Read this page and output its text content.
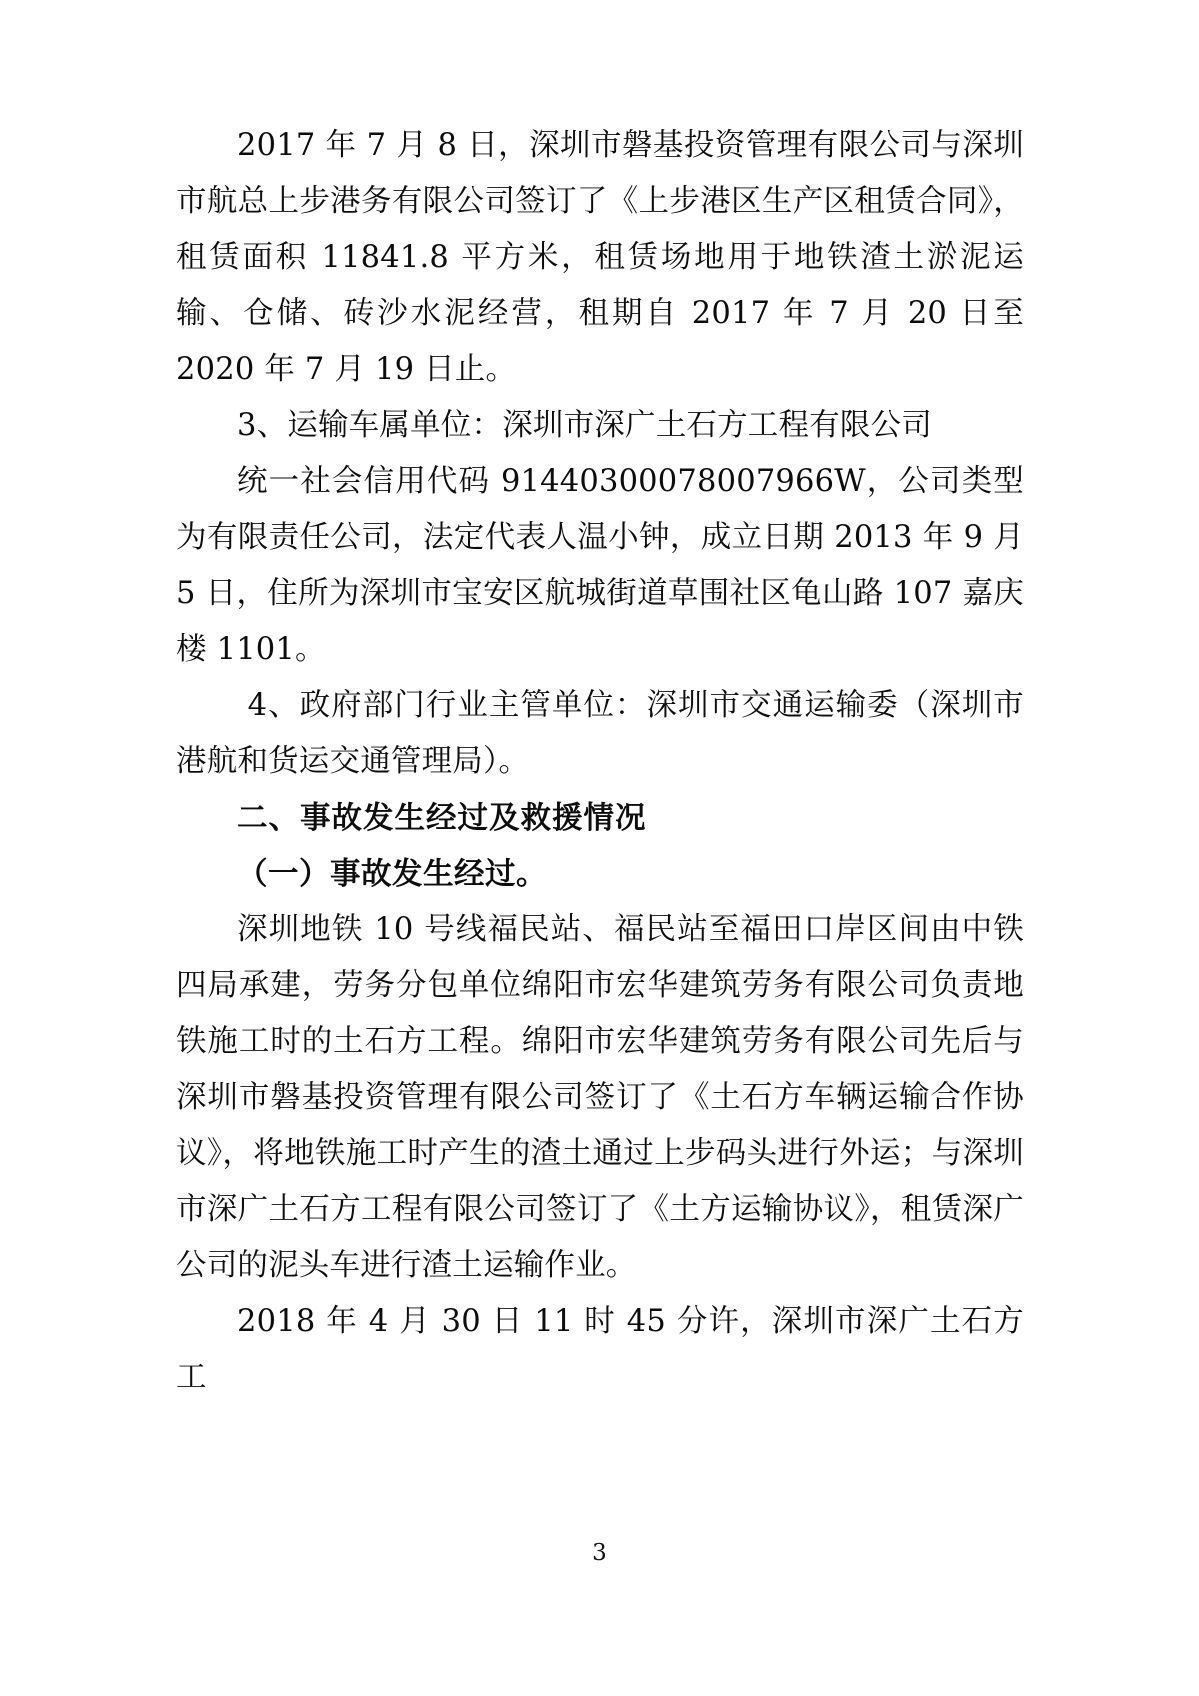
2017 年 7 月 8 日，深圳市磐基投资管理有限公司与深圳市航总上步港务有限公司签订了《上步港区生产区租赁合同》，租赁面积 11841.8 平方米，租赁场地用于地铁渣土淤泥运输、仓储、砖沙水泥经营，租期自 2017 年 7 月 20 日至 2020 年 7 月 19 日止。

3、运输车属单位：深圳市深广土石方工程有限公司

统一社会信用代码 91440300078007966W，公司类型为有限责任公司，法定代表人温小钟，成立日期 2013 年 9 月 5 日，住所为深圳市宝安区航城街道草围社区龟山路 107 嘉庆楼 1101。

4、政府部门行业主管单位：深圳市交通运输委（深圳市港航和货运交通管理局）。

二、事故发生经过及救援情况

（一）事故发生经过。

深圳地铁 10 号线福民站、福民站至福田口岸区间由中铁四局承建，劳务分包单位绵阳市宏华建筑劳务有限公司负责地铁施工时的土石方工程。绵阳市宏华建筑劳务有限公司先后与深圳市磐基投资管理有限公司签订了《土石方车辆运输合作协议》，将地铁施工时产生的渣土通过上步码头进行外运；与深圳市深广土石方工程有限公司签订了《土方运输协议》，租赁深广公司的泥头车进行渣土运输作业。

2018 年 4 月 30 日 11 时 45 分许，深圳市深广土石方工

3
